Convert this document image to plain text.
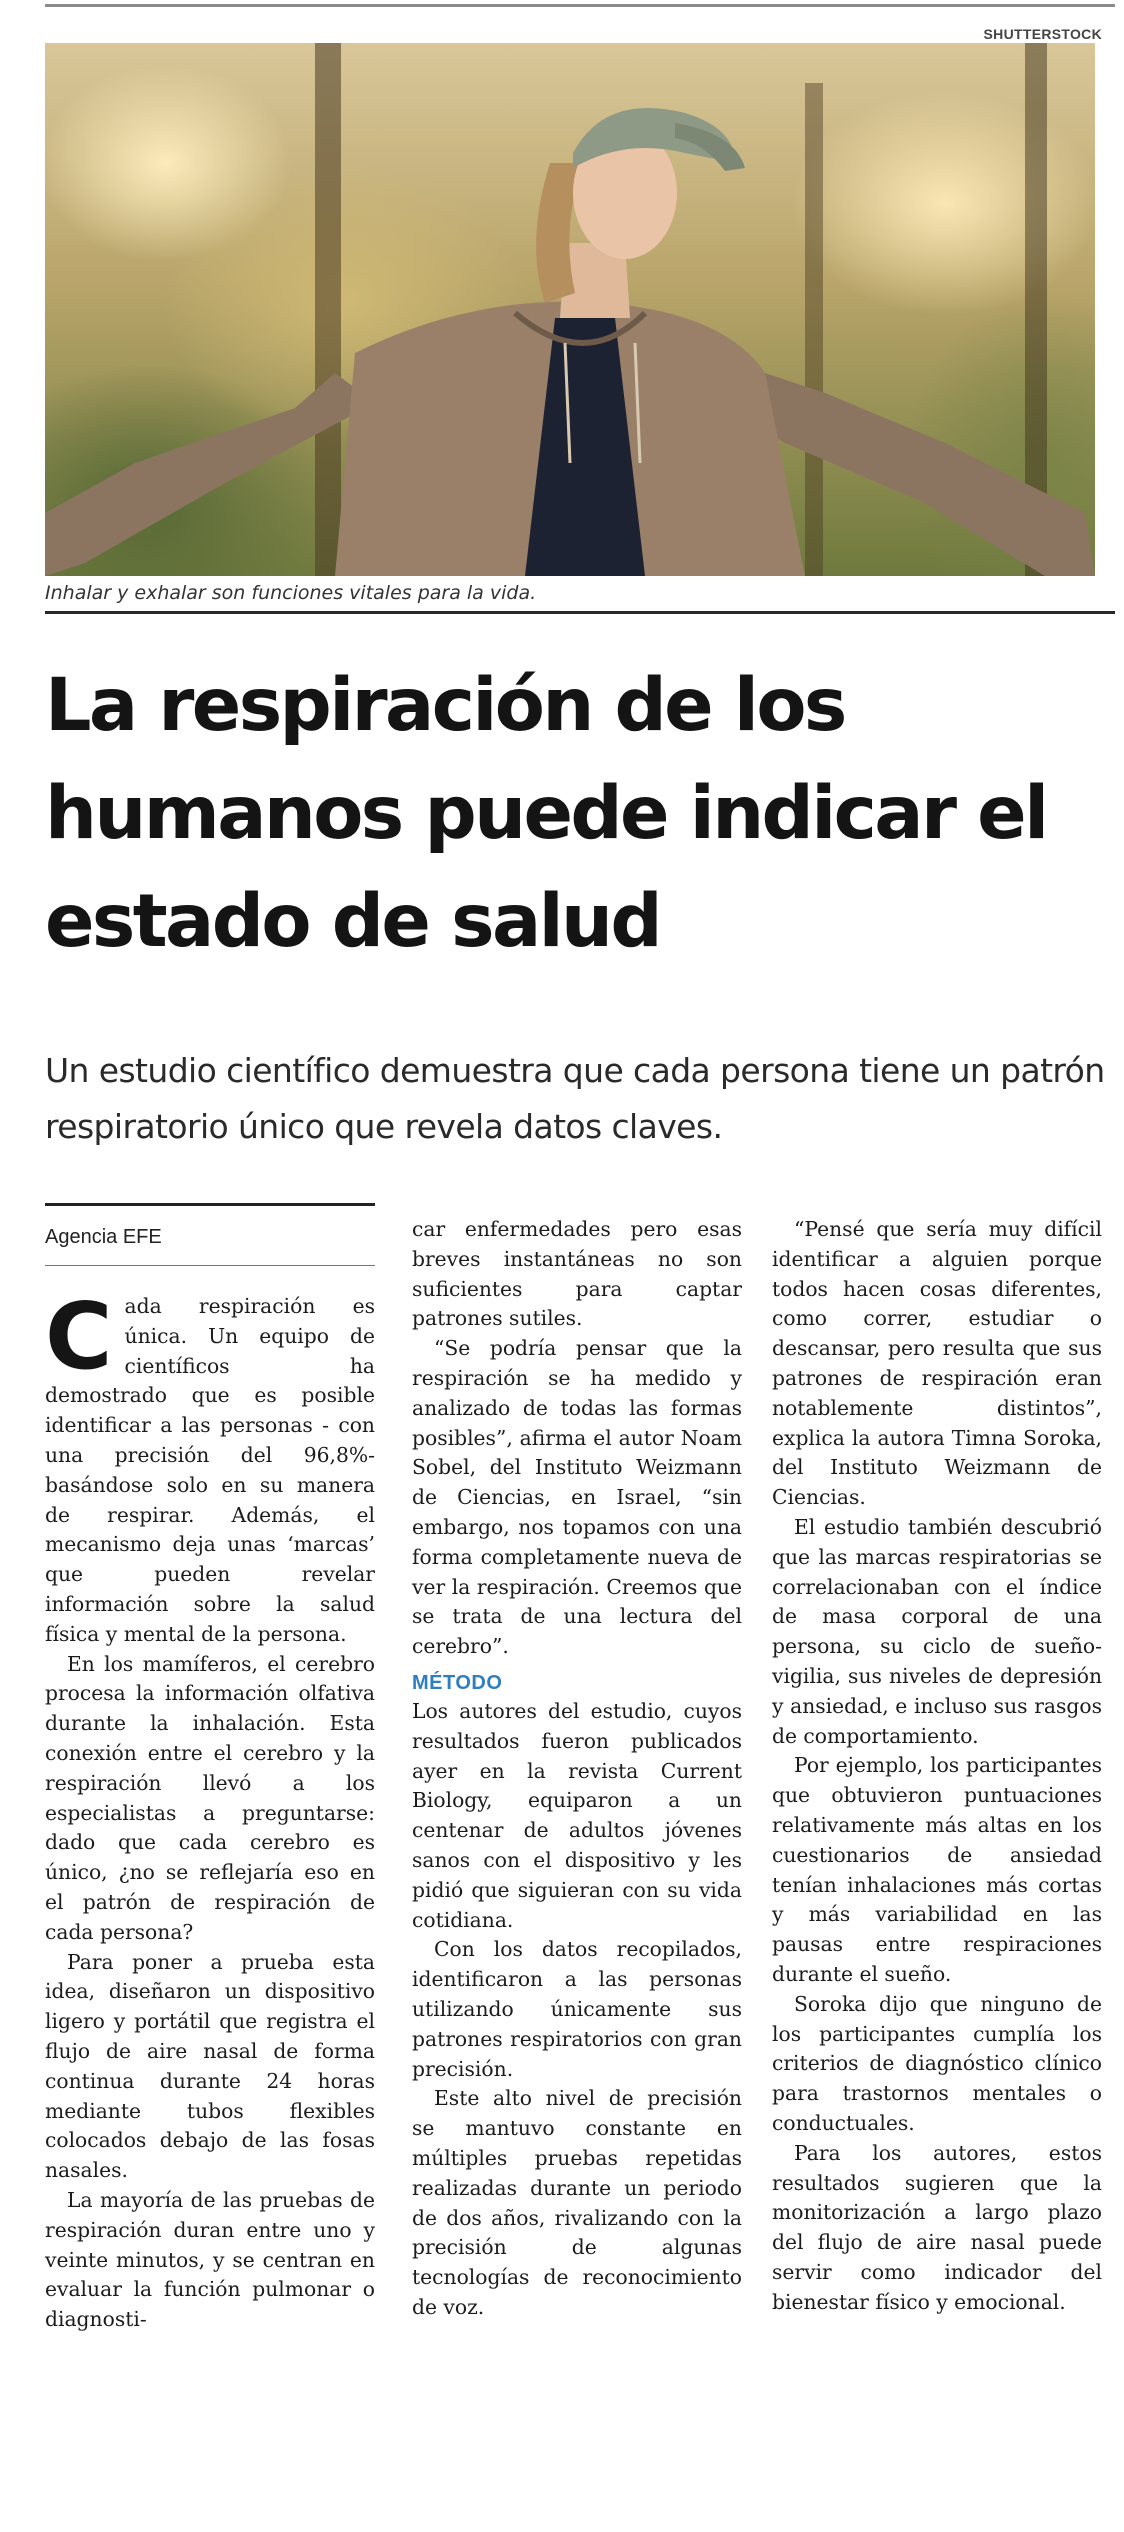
SHUTTERSTOCK
Inhalar y exhalar son funciones vitales para la vida.
La respiración de los humanos puede indicar el estado de salud

Un estudio científico demuestra que cada persona tiene un patrón respiratorio único que revela datos claves.

Agencia EFE

Cada respiración es única. Un equipo de científicos ha demostrado que es posible identificar a las personas - con una precisión del 96,8%- basándose solo en su manera de respirar. Además, el mecanismo deja unas ‘marcas’ que pueden revelar información sobre la salud física y mental de la persona.

En los mamíferos, el cerebro procesa la información olfativa durante la inhalación. Esta conexión entre el cerebro y la respiración llevó a los especialistas a preguntarse: dado que cada cerebro es único, ¿no se reflejaría eso en el patrón de respiración de cada persona?

Para poner a prueba esta idea, diseñaron un dispositivo ligero y portátil que registra el flujo de aire nasal de forma continua durante 24 horas mediante tubos flexibles colocados debajo de las fosas nasales.

La mayoría de las pruebas de respiración duran entre uno y veinte minutos, y se centran en evaluar la función pulmonar o diagnosti-

car enfermedades pero esas breves instantáneas no son suficientes para captar patrones sutiles.

“Se podría pensar que la respiración se ha medido y analizado de todas las formas posibles”, afirma el autor Noam Sobel, del Instituto Weizmann de Ciencias, en Israel, “sin embargo, nos topamos con una forma completamente nueva de ver la respiración. Creemos que se trata de una lectura del cerebro”.

MÉTODO

Los autores del estudio, cuyos resultados fueron publicados ayer en la revista Current Biology, equiparon a un centenar de adultos jóvenes sanos con el dispositivo y les pidió que siguieran con su vida cotidiana.

Con los datos recopilados, identificaron a las personas utilizando únicamente sus patrones respiratorios con gran precisión.

Este alto nivel de precisión se mantuvo constante en múltiples pruebas repetidas realizadas durante un periodo de dos años, rivalizando con la precisión de algunas tecnologías de reconocimiento de voz.

“Pensé que sería muy difícil identificar a alguien porque todos hacen cosas diferentes, como correr, estudiar o descansar, pero resulta que sus patrones de respiración eran notablemente distintos”, explica la autora Timna Soroka, del Instituto Weizmann de Ciencias.

El estudio también descubrió que las marcas respiratorias se correlacionaban con el índice de masa corporal de una persona, su ciclo de sueño-vigilia, sus niveles de depresión y ansiedad, e incluso sus rasgos de comportamiento.

Por ejemplo, los participantes que obtuvieron puntuaciones relativamente más altas en los cuestionarios de ansiedad tenían inhalaciones más cortas y más variabilidad en las pausas entre respiraciones durante el sueño.

Soroka dijo que ninguno de los participantes cumplía los criterios de diagnóstico clínico para trastornos mentales o conductuales.

Para los autores, estos resultados sugieren que la monitorización a largo plazo del flujo de aire nasal puede servir como indicador del bienestar físico y emocional.
